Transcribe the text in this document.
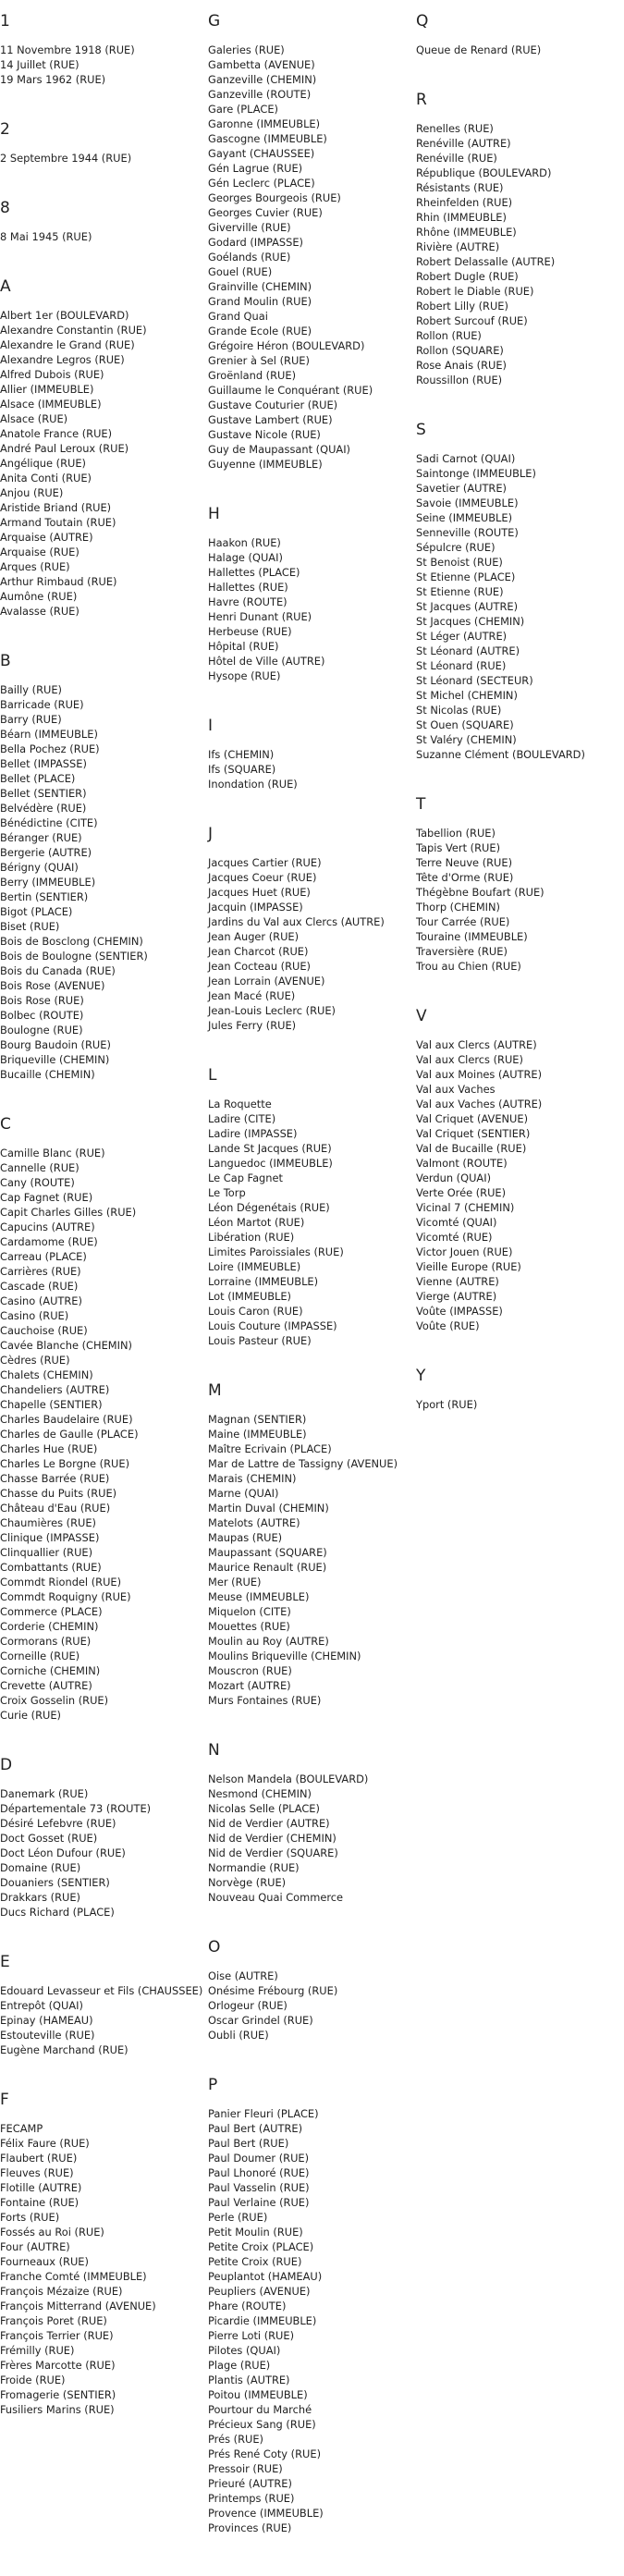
1
11 Novembre 1918 (RUE)
14 Juillet (RUE)
19 Mars 1962 (RUE)
2
2 Septembre 1944 (RUE)
8
8 Mai 1945 (RUE)
A
Albert 1er (BOULEVARD)
Alexandre Constantin (RUE)
Alexandre le Grand (RUE)
Alexandre Legros (RUE)
Alfred Dubois (RUE)
Allier (IMMEUBLE)
Alsace (IMMEUBLE)
Alsace (RUE)
Anatole France (RUE)
André Paul Leroux (RUE)
Angélique (RUE)
Anita Conti (RUE)
Anjou (RUE)
Aristide Briand (RUE)
Armand Toutain (RUE)
Arquaise (AUTRE)
Arquaise (RUE)
Arques (RUE)
Arthur Rimbaud (RUE)
Aumône (RUE)
Avalasse (RUE)
B
Bailly (RUE)
Barricade (RUE)
Barry (RUE)
Béarn (IMMEUBLE)
Bella Pochez (RUE)
Bellet (IMPASSE)
Bellet (PLACE)
Bellet (SENTIER)
Belvédère (RUE)
Bénédictine (CITE)
Béranger (RUE)
Bergerie (AUTRE)
Bérigny (QUAI)
Berry (IMMEUBLE)
Bertin (SENTIER)
Bigot (PLACE)
Biset (RUE)
Bois de Bosclong (CHEMIN)
Bois de Boulogne (SENTIER)
Bois du Canada (RUE)
Bois Rose (AVENUE)
Bois Rose (RUE)
Bolbec (ROUTE)
Boulogne (RUE)
Bourg Baudoin (RUE)
Briqueville (CHEMIN)
Bucaille (CHEMIN)
C
Camille Blanc (RUE)
Cannelle (RUE)
Cany (ROUTE)
Cap Fagnet (RUE)
Capit Charles Gilles (RUE)
Capucins (AUTRE)
Cardamome (RUE)
Carreau (PLACE)
Carrières (RUE)
Cascade (RUE)
Casino (AUTRE)
Casino (RUE)
Cauchoise (RUE)
Cavée Blanche (CHEMIN)
Cèdres (RUE)
Chalets (CHEMIN)
Chandeliers (AUTRE)
Chapelle (SENTIER)
Charles Baudelaire (RUE)
Charles de Gaulle (PLACE)
Charles Hue (RUE)
Charles Le Borgne (RUE)
Chasse Barrée (RUE)
Chasse du Puits (RUE)
Château d'Eau (RUE)
Chaumières (RUE)
Clinique (IMPASSE)
Clinquallier (RUE)
Combattants (RUE)
Commdt Riondel (RUE)
Commdt Roquigny (RUE)
Commerce (PLACE)
Corderie (CHEMIN)
Cormorans (RUE)
Corneille (RUE)
Corniche (CHEMIN)
Crevette (AUTRE)
Croix Gosselin (RUE)
Curie (RUE)
D
Danemark (RUE)
Départementale 73 (ROUTE)
Désiré Lefebvre (RUE)
Doct Gosset (RUE)
Doct Léon Dufour (RUE)
Domaine (RUE)
Douaniers (SENTIER)
Drakkars (RUE)
Ducs Richard (PLACE)
E
Edouard Levasseur et Fils (CHAUSSEE)
Entrepôt (QUAI)
Epinay (HAMEAU)
Estouteville (RUE)
Eugène Marchand (RUE)
F
FECAMP
Félix Faure (RUE)
Flaubert (RUE)
Fleuves (RUE)
Flotille (AUTRE)
Fontaine (RUE)
Forts (RUE)
Fossés au Roi (RUE)
Four (AUTRE)
Fourneaux (RUE)
Franche Comté (IMMEUBLE)
François Mézaize (RUE)
François Mitterrand (AVENUE)
François Poret (RUE)
François Terrier (RUE)
Frémilly (RUE)
Frères Marcotte (RUE)
Froide (RUE)
Fromagerie (SENTIER)
Fusiliers Marins (RUE)
G
Galeries (RUE)
Gambetta (AVENUE)
Ganzeville (CHEMIN)
Ganzeville (ROUTE)
Gare (PLACE)
Garonne (IMMEUBLE)
Gascogne (IMMEUBLE)
Gayant (CHAUSSEE)
Gén Lagrue (RUE)
Gén Leclerc (PLACE)
Georges Bourgeois (RUE)
Georges Cuvier (RUE)
Giverville (RUE)
Godard (IMPASSE)
Goélands (RUE)
Gouel (RUE)
Grainville (CHEMIN)
Grand Moulin (RUE)
Grand Quai
Grande Ecole (RUE)
Grégoire Héron (BOULEVARD)
Grenier à Sel (RUE)
Groënland (RUE)
Guillaume le Conquérant (RUE)
Gustave Couturier (RUE)
Gustave Lambert (RUE)
Gustave Nicole (RUE)
Guy de Maupassant (QUAI)
Guyenne (IMMEUBLE)
H
Haakon (RUE)
Halage (QUAI)
Hallettes (PLACE)
Hallettes (RUE)
Havre (ROUTE)
Henri Dunant (RUE)
Herbeuse (RUE)
Hôpital (RUE)
Hôtel de Ville (AUTRE)
Hysope (RUE)
I
Ifs (CHEMIN)
Ifs (SQUARE)
Inondation (RUE)
J
Jacques Cartier (RUE)
Jacques Coeur (RUE)
Jacques Huet (RUE)
Jacquin (IMPASSE)
Jardins du Val aux Clercs (AUTRE)
Jean Auger (RUE)
Jean Charcot (RUE)
Jean Cocteau (RUE)
Jean Lorrain (AVENUE)
Jean Macé (RUE)
Jean-Louis Leclerc (RUE)
Jules Ferry (RUE)
L
La Roquette
Ladire (CITE)
Ladire (IMPASSE)
Lande St Jacques (RUE)
Languedoc (IMMEUBLE)
Le Cap Fagnet
Le Torp
Léon Dégenétais (RUE)
Léon Martot (RUE)
Libération (RUE)
Limites Paroissiales (RUE)
Loire (IMMEUBLE)
Lorraine (IMMEUBLE)
Lot (IMMEUBLE)
Louis Caron (RUE)
Louis Couture (IMPASSE)
Louis Pasteur (RUE)
M
Magnan (SENTIER)
Maine (IMMEUBLE)
Maître Ecrivain (PLACE)
Mar de Lattre de Tassigny (AVENUE)
Marais (CHEMIN)
Marne (QUAI)
Martin Duval (CHEMIN)
Matelots (AUTRE)
Maupas (RUE)
Maupassant (SQUARE)
Maurice Renault (RUE)
Mer (RUE)
Meuse (IMMEUBLE)
Miquelon (CITE)
Mouettes (RUE)
Moulin au Roy (AUTRE)
Moulins Briqueville (CHEMIN)
Mouscron (RUE)
Mozart (AUTRE)
Murs Fontaines (RUE)
N
Nelson Mandela (BOULEVARD)
Nesmond (CHEMIN)
Nicolas Selle (PLACE)
Nid de Verdier (AUTRE)
Nid de Verdier (CHEMIN)
Nid de Verdier (SQUARE)
Normandie (RUE)
Norvège (RUE)
Nouveau Quai Commerce
O
Oise (AUTRE)
Onésime Frébourg (RUE)
Orlogeur (RUE)
Oscar Grindel (RUE)
Oubli (RUE)
P
Panier Fleuri (PLACE)
Paul Bert (AUTRE)
Paul Bert (RUE)
Paul Doumer (RUE)
Paul Lhonoré (RUE)
Paul Vasselin (RUE)
Paul Verlaine (RUE)
Perle (RUE)
Petit Moulin (RUE)
Petite Croix (PLACE)
Petite Croix (RUE)
Peuplantot (HAMEAU)
Peupliers (AVENUE)
Phare (ROUTE)
Picardie (IMMEUBLE)
Pierre Loti (RUE)
Pilotes (QUAI)
Plage (RUE)
Plantis (AUTRE)
Poitou (IMMEUBLE)
Pourtour du Marché
Précieux Sang (RUE)
Prés (RUE)
Prés René Coty (RUE)
Pressoir (RUE)
Prieuré (AUTRE)
Printemps (RUE)
Provence (IMMEUBLE)
Provinces (RUE)
Q
Queue de Renard (RUE)
R
Renelles (RUE)
Renéville (AUTRE)
Renéville (RUE)
République (BOULEVARD)
Résistants (RUE)
Rheinfelden (RUE)
Rhin (IMMEUBLE)
Rhône (IMMEUBLE)
Rivière (AUTRE)
Robert Delassalle (AUTRE)
Robert Dugle (RUE)
Robert le Diable (RUE)
Robert Lilly (RUE)
Robert Surcouf (RUE)
Rollon (RUE)
Rollon (SQUARE)
Rose Anais (RUE)
Roussillon (RUE)
S
Sadi Carnot (QUAI)
Saintonge (IMMEUBLE)
Savetier (AUTRE)
Savoie (IMMEUBLE)
Seine (IMMEUBLE)
Senneville (ROUTE)
Sépulcre (RUE)
St Benoist (RUE)
St Etienne (PLACE)
St Etienne (RUE)
St Jacques (AUTRE)
St Jacques (CHEMIN)
St Léger (AUTRE)
St Léonard (AUTRE)
St Léonard (RUE)
St Léonard (SECTEUR)
St Michel (CHEMIN)
St Nicolas (RUE)
St Ouen (SQUARE)
St Valéry (CHEMIN)
Suzanne Clément (BOULEVARD)
T
Tabellion (RUE)
Tapis Vert (RUE)
Terre Neuve (RUE)
Tête d'Orme (RUE)
Thégèbne Boufart (RUE)
Thorp (CHEMIN)
Tour Carrée (RUE)
Touraine (IMMEUBLE)
Traversière (RUE)
Trou au Chien (RUE)
V
Val aux Clercs (AUTRE)
Val aux Clercs (RUE)
Val aux Moines (AUTRE)
Val aux Vaches
Val aux Vaches (AUTRE)
Val Criquet (AVENUE)
Val Criquet (SENTIER)
Val de Bucaille (RUE)
Valmont (ROUTE)
Verdun (QUAI)
Verte Orée (RUE)
Vicinal 7 (CHEMIN)
Vicomté (QUAI)
Vicomté (RUE)
Victor Jouen (RUE)
Vieille Europe (RUE)
Vienne (AUTRE)
Vierge (AUTRE)
Voûte (IMPASSE)
Voûte (RUE)
Y
Yport (RUE)
